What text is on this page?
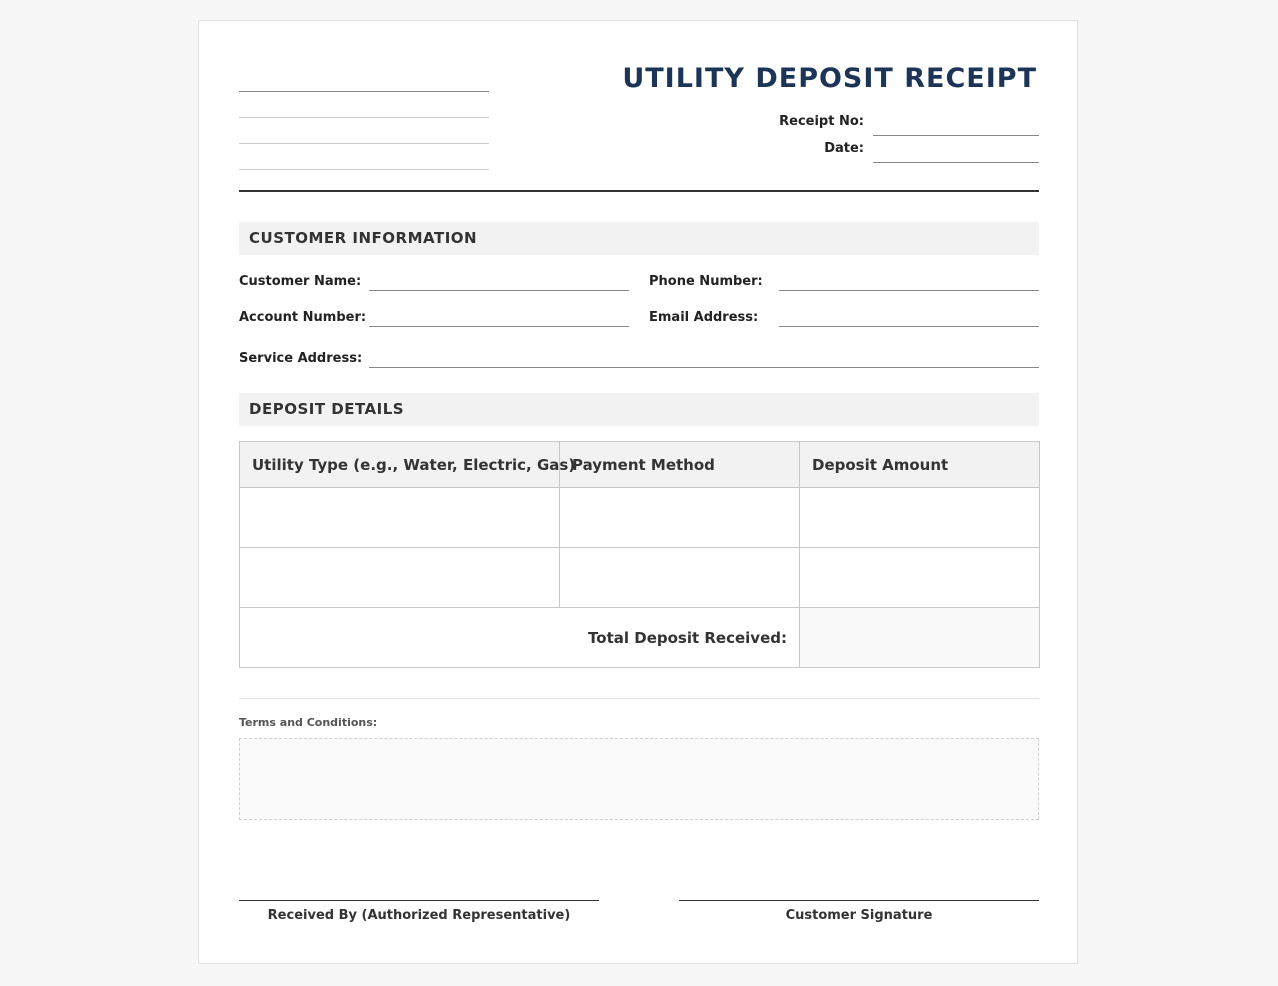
UTILITY DEPOSIT RECEIPT
Receipt No:
Date:
CUSTOMER INFORMATION
Customer Name:	Phone Number:
Account Number:	Email Address:
Service Address:
DEPOSIT DETAILS
Utility Type (e.g., Water, Electric, Gas)	Payment Method	Deposit Amount

Total Deposit Received:		
Terms and Conditions:
Received By (Authorized Representative)	Customer Signature
